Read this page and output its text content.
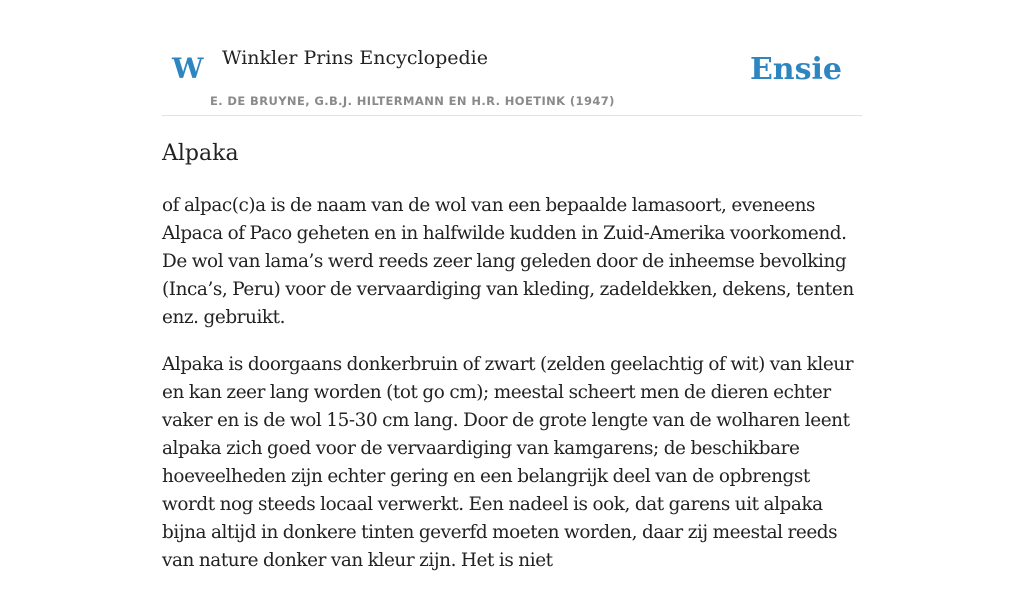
W Winkler Prins Encyclopedie
E. DE BRUYNE, G.B.J. HILTERMANN EN H.R. HOETINK (1947)
Ensie
Alpaka

of alpac(c)a is de naam van de wol van een bepaalde lamasoort, eveneens Alpaca of Paco geheten en in halfwilde kudden in Zuid-Amerika voorkomend. De wol van lama’s werd reeds zeer lang geleden door de inheemse bevolking (Inca’s, Peru) voor de vervaardiging van kleding, zadeldekken, dekens, tenten enz. gebruikt.

Alpaka is doorgaans donkerbruin of zwart (zelden geelachtig of wit) van kleur en kan zeer lang worden (tot go cm); meestal scheert men de dieren echter vaker en is de wol 15-30 cm lang. Door de grote lengte van de wolharen leent alpaka zich goed voor de vervaardiging van kamgarens; de beschikbare hoeveelheden zijn echter gering en een belangrijk deel van de opbrengst wordt nog steeds locaal verwerkt. Een nadeel is ook, dat garens uit alpaka bijna altijd in donkere tinten geverfd moeten worden, daar zij meestal reeds van nature donker van kleur zijn. Het is niet
